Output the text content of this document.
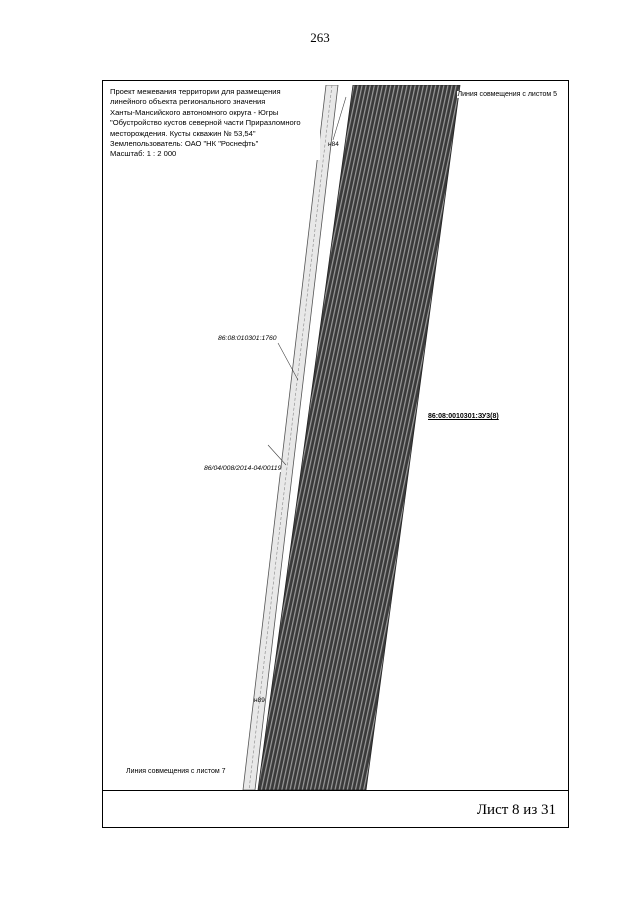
263
Проект межевания территории для размещения
линейного объекта регионального значения
Ханты-Мансийского автономного округа - Югры
"Обустройство кустов северной части Приразломного
месторождения. Кусты скважин № 53,54"
Землепользователь: ОАО "НК "Роснефть"
Масштаб: 1 : 2 000
Линия совмещения с листом 5
н84
86:08:010301:1760
86/04/008/2014-04/00119
86:08:0010301:ЗУ3(8)
н89
Линия совмещения с листом 7
Лист 8 из 31
